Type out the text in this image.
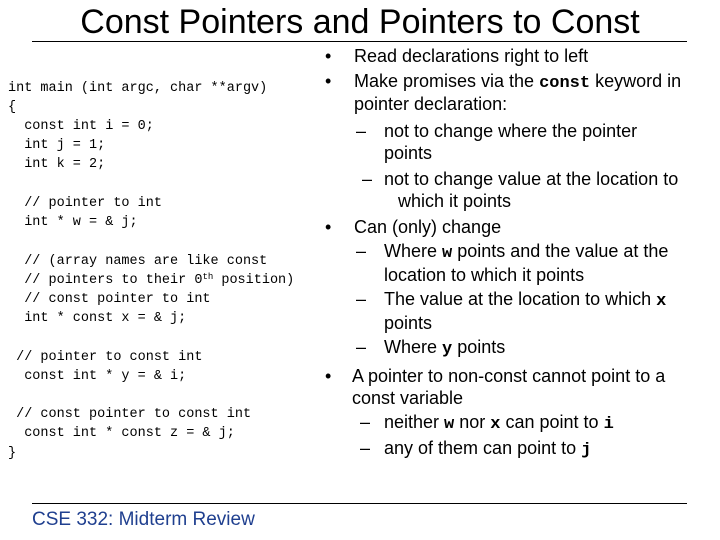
Const Pointers and Pointers to Const
int main (int argc, char **argv)
{
const int i = 0;
int j = 1;
int k = 2;
// pointer to int
int * w = & j;
// (array names are like const
// pointers to their 0th position)
// const pointer to int
int * const x = & j;
// pointer to const int
const int * y = & i;
// const pointer to const int
const int * const z = & j;
}
• Read declarations right to left
• Make promises via the const keyword in
pointer declaration:
– not to change where the pointer
points
– not to change value at the location to
which it points
• Can (only) change
– Where w points and the value at the
location to which it points
– The value at the location to which x
points
– Where y points
• A pointer to non-const cannot point to a
const variable
– neither w nor x can point to i
– any of them can point to j
CSE 332: Midterm Review
